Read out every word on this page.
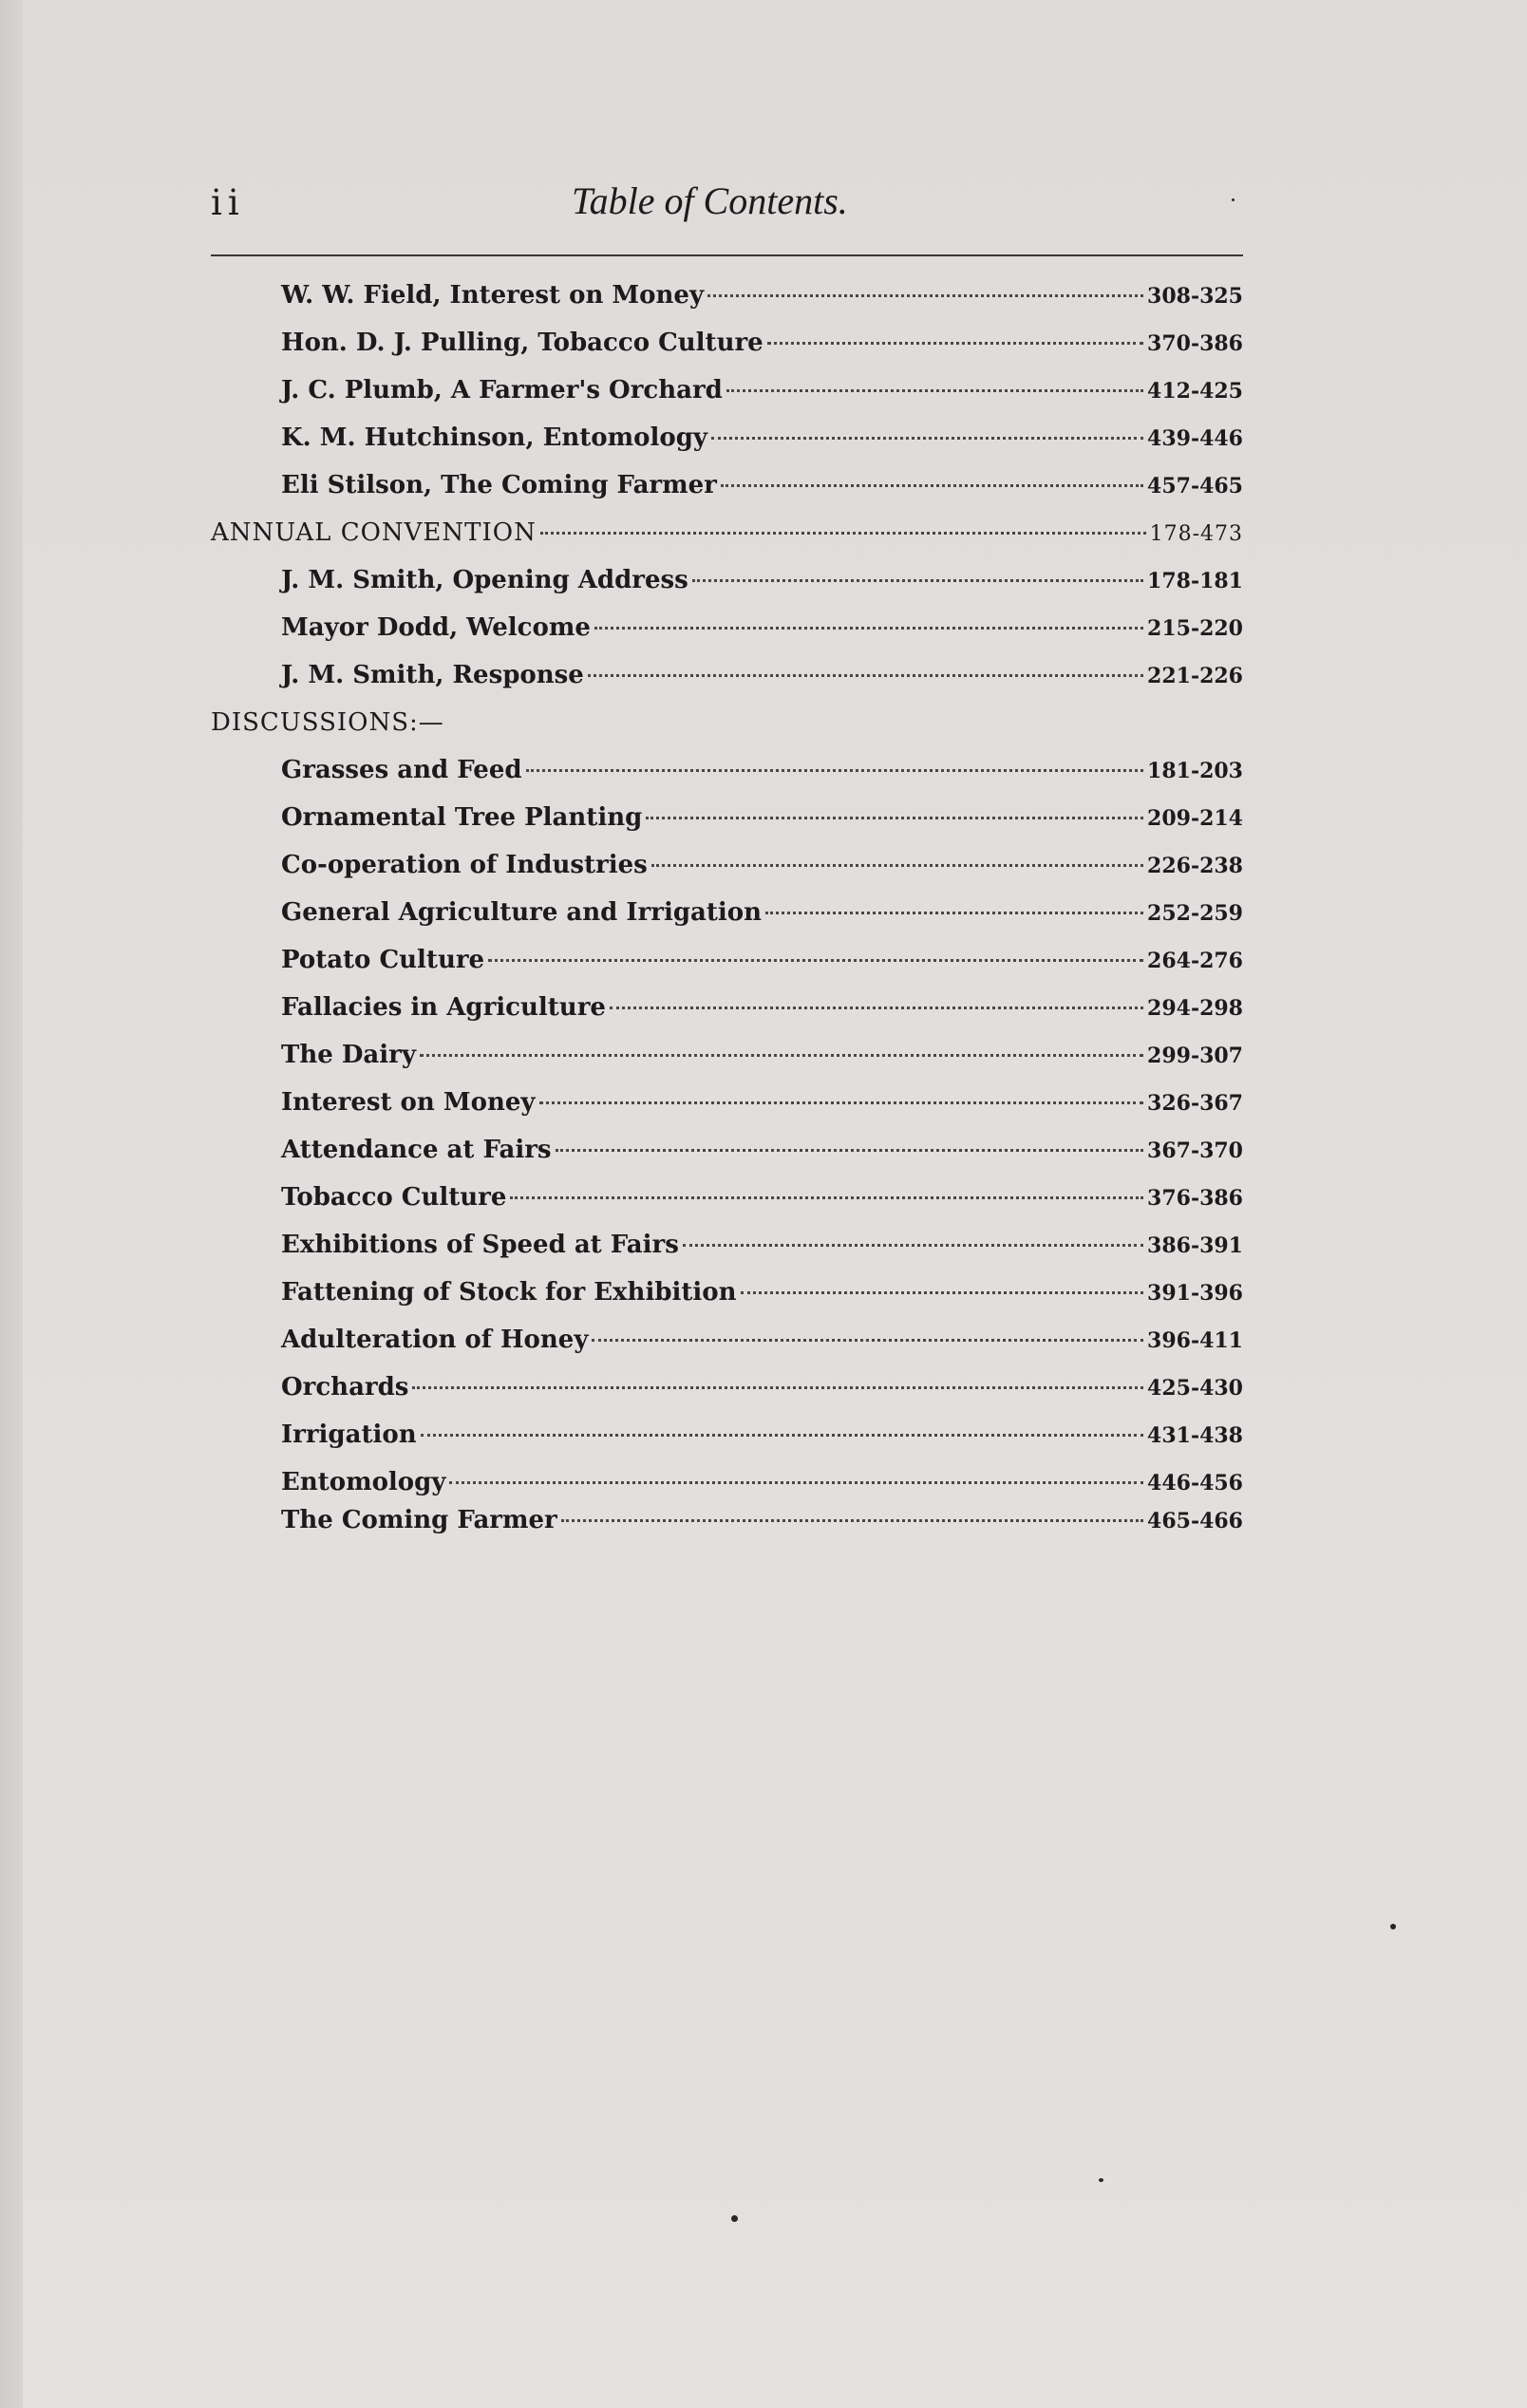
ii	Table of Contents.
W. W. Field, Interest on Money	308-325
Hon. D. J. Pulling, Tobacco Culture	370-386
J. C. Plumb, A Farmer's Orchard	412-425
K. M. Hutchinson, Entomology	439-446
Eli Stilson, The Coming Farmer	457-465
ANNUAL CONVENTION	178-473
J. M. Smith, Opening Address	178-181
Mayor Dodd, Welcome	215-220
J. M. Smith, Response	221-226
DISCUSSIONS:—
Grasses and Feed	181-203
Ornamental Tree Planting	209-214
Co-operation of Industries	226-238
General Agriculture and Irrigation	252-259
Potato Culture	264-276
Fallacies in Agriculture	294-298
The Dairy	299-307
Interest on Money	326-367
Attendance at Fairs	367-370
Tobacco Culture	376-386
Exhibitions of Speed at Fairs	386-391
Fattening of Stock for Exhibition	391-396
Adulteration of Honey	396-411
Orchards	425-430
Irrigation	431-438
Entomology	446-456
The Coming Farmer	465-466
